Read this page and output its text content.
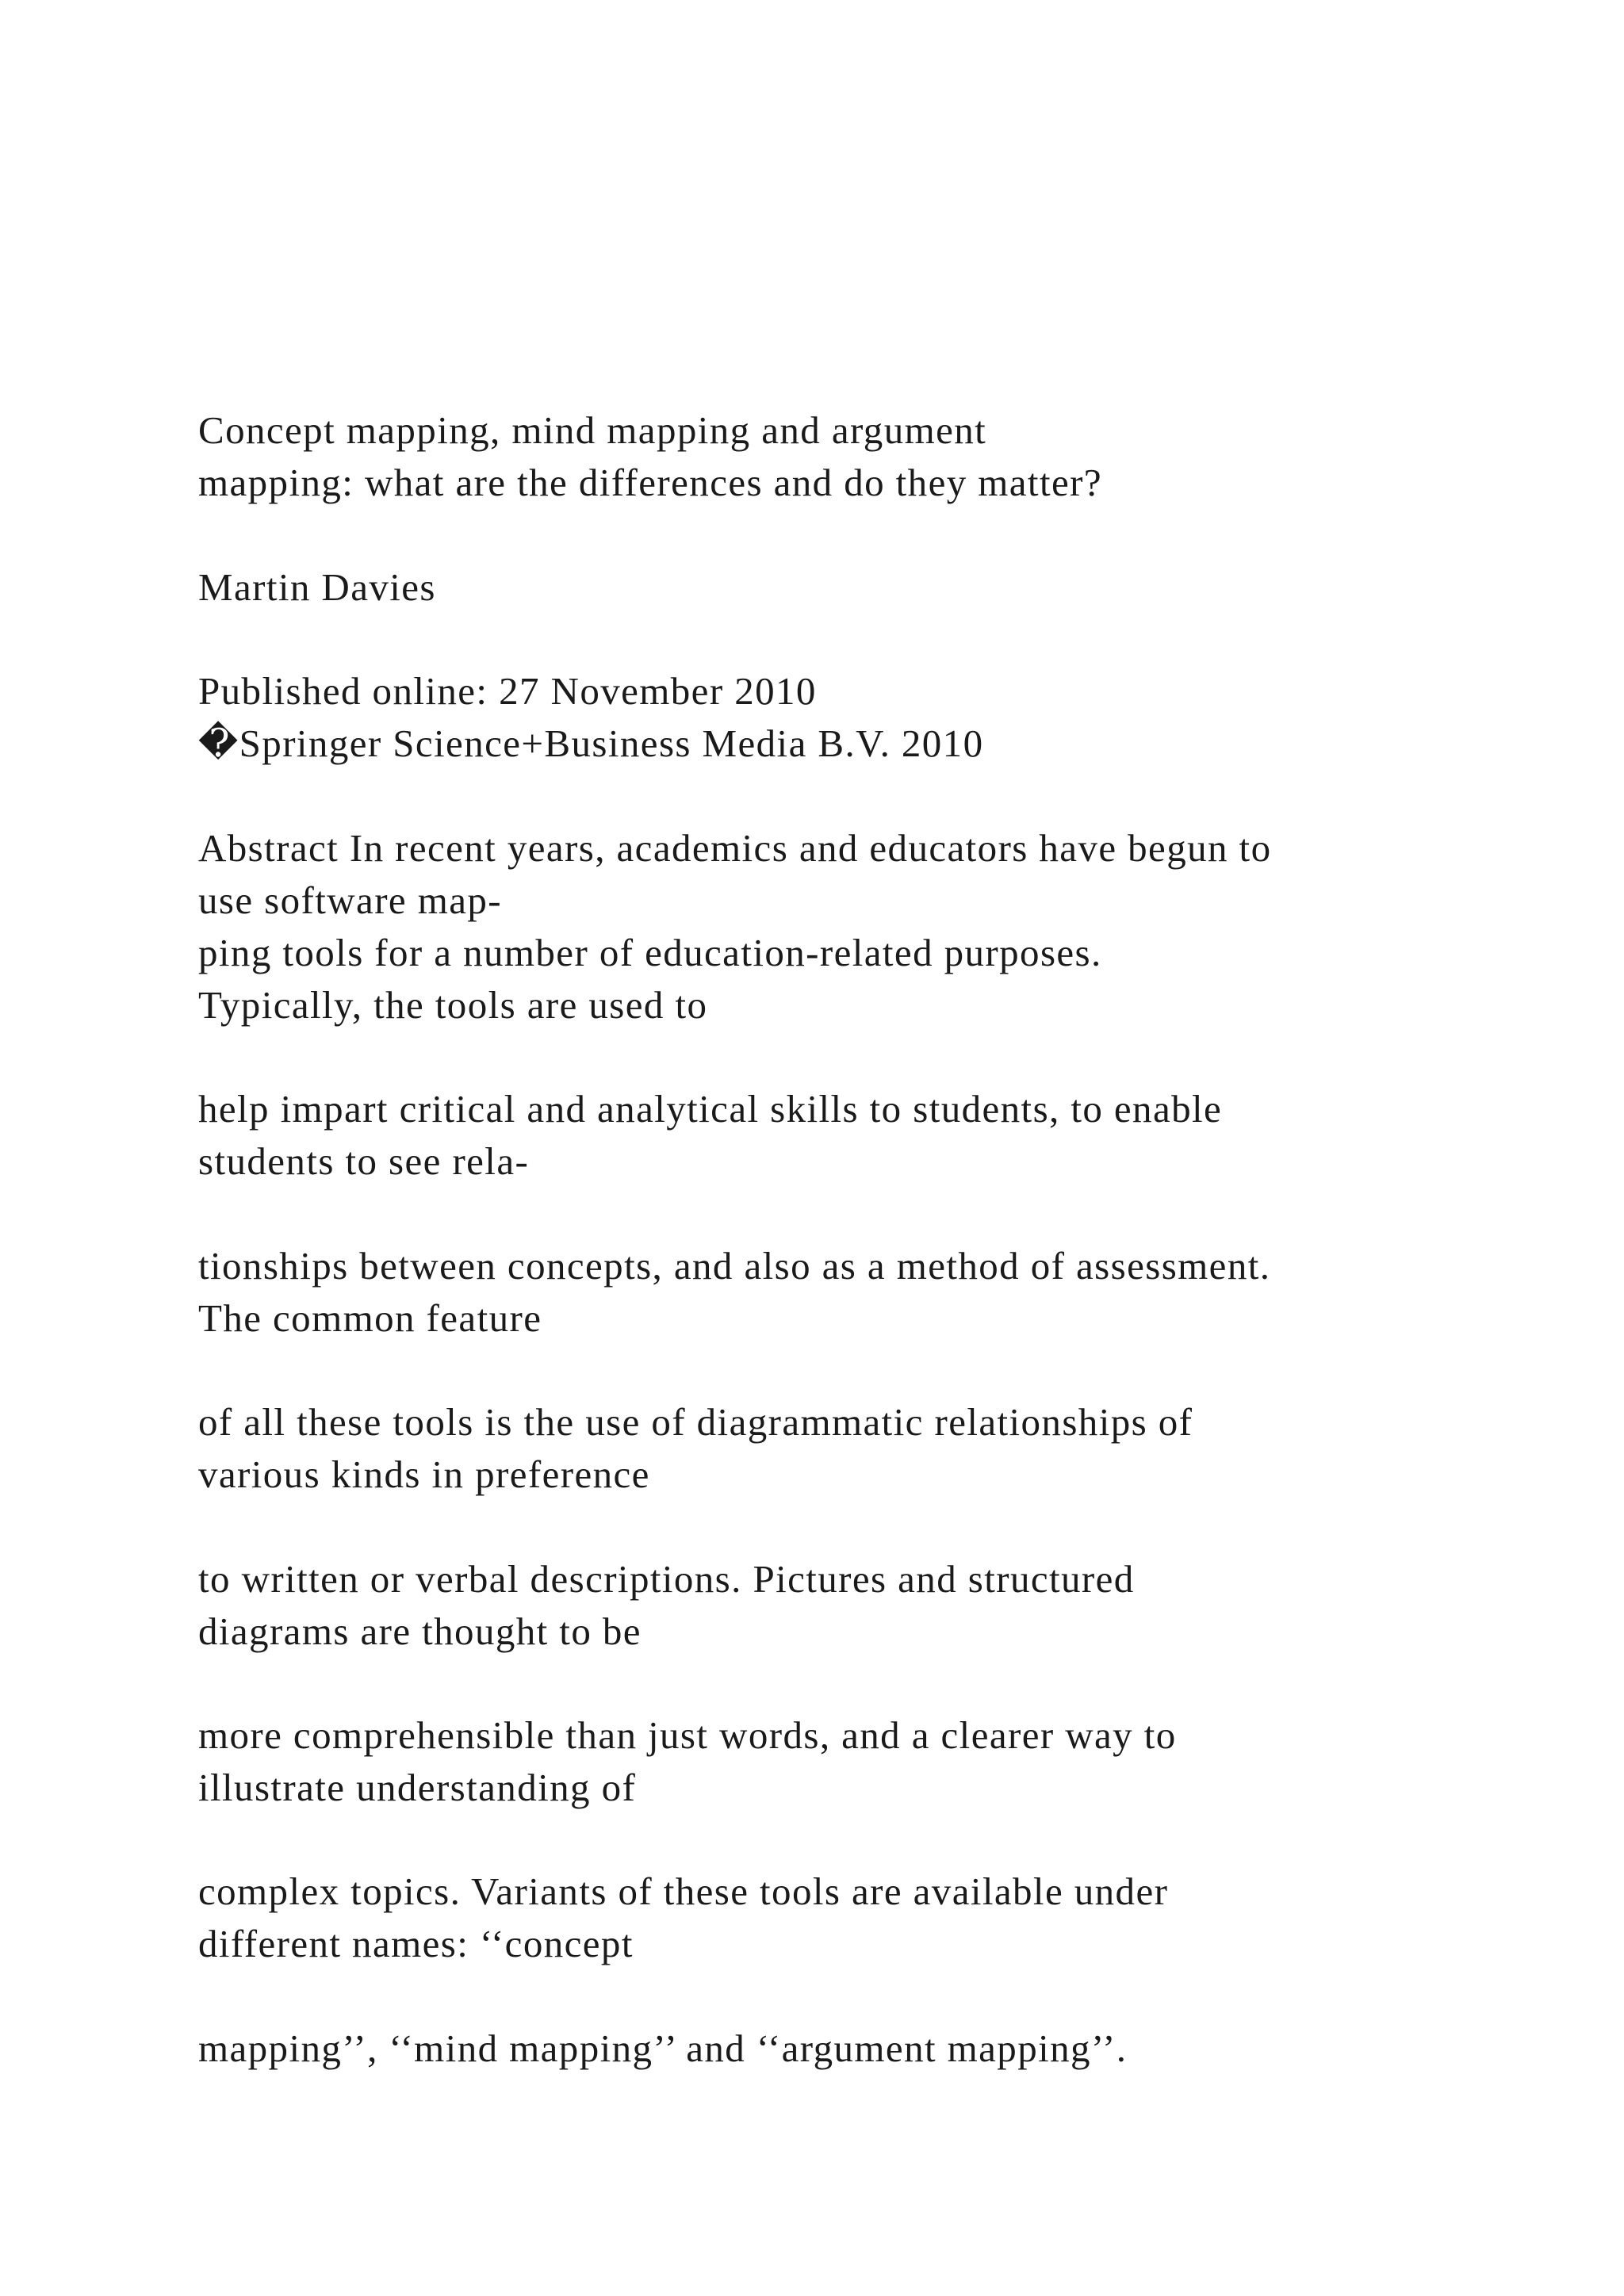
Concept mapping, mind mapping and argument

mapping: what are the differences and do they matter?

Martin Davies

Published online: 27 November 2010

�Springer Science+Business Media B.V. 2010

Abstract In recent years, academics and educators have begun to

use software map-

ping tools for a number of education-related purposes.

Typically, the tools are used to

help impart critical and analytical skills to students, to enable

students to see rela-

tionships between concepts, and also as a method of assessment.

The common feature

of all these tools is the use of diagrammatic relationships of

various kinds in preference

to written or verbal descriptions. Pictures and structured

diagrams are thought to be

more comprehensible than just words, and a clearer way to

illustrate understanding of

complex topics. Variants of these tools are available under

different names: ‘‘concept

mapping’’, ‘‘mind mapping’’ and ‘‘argument mapping’’.
